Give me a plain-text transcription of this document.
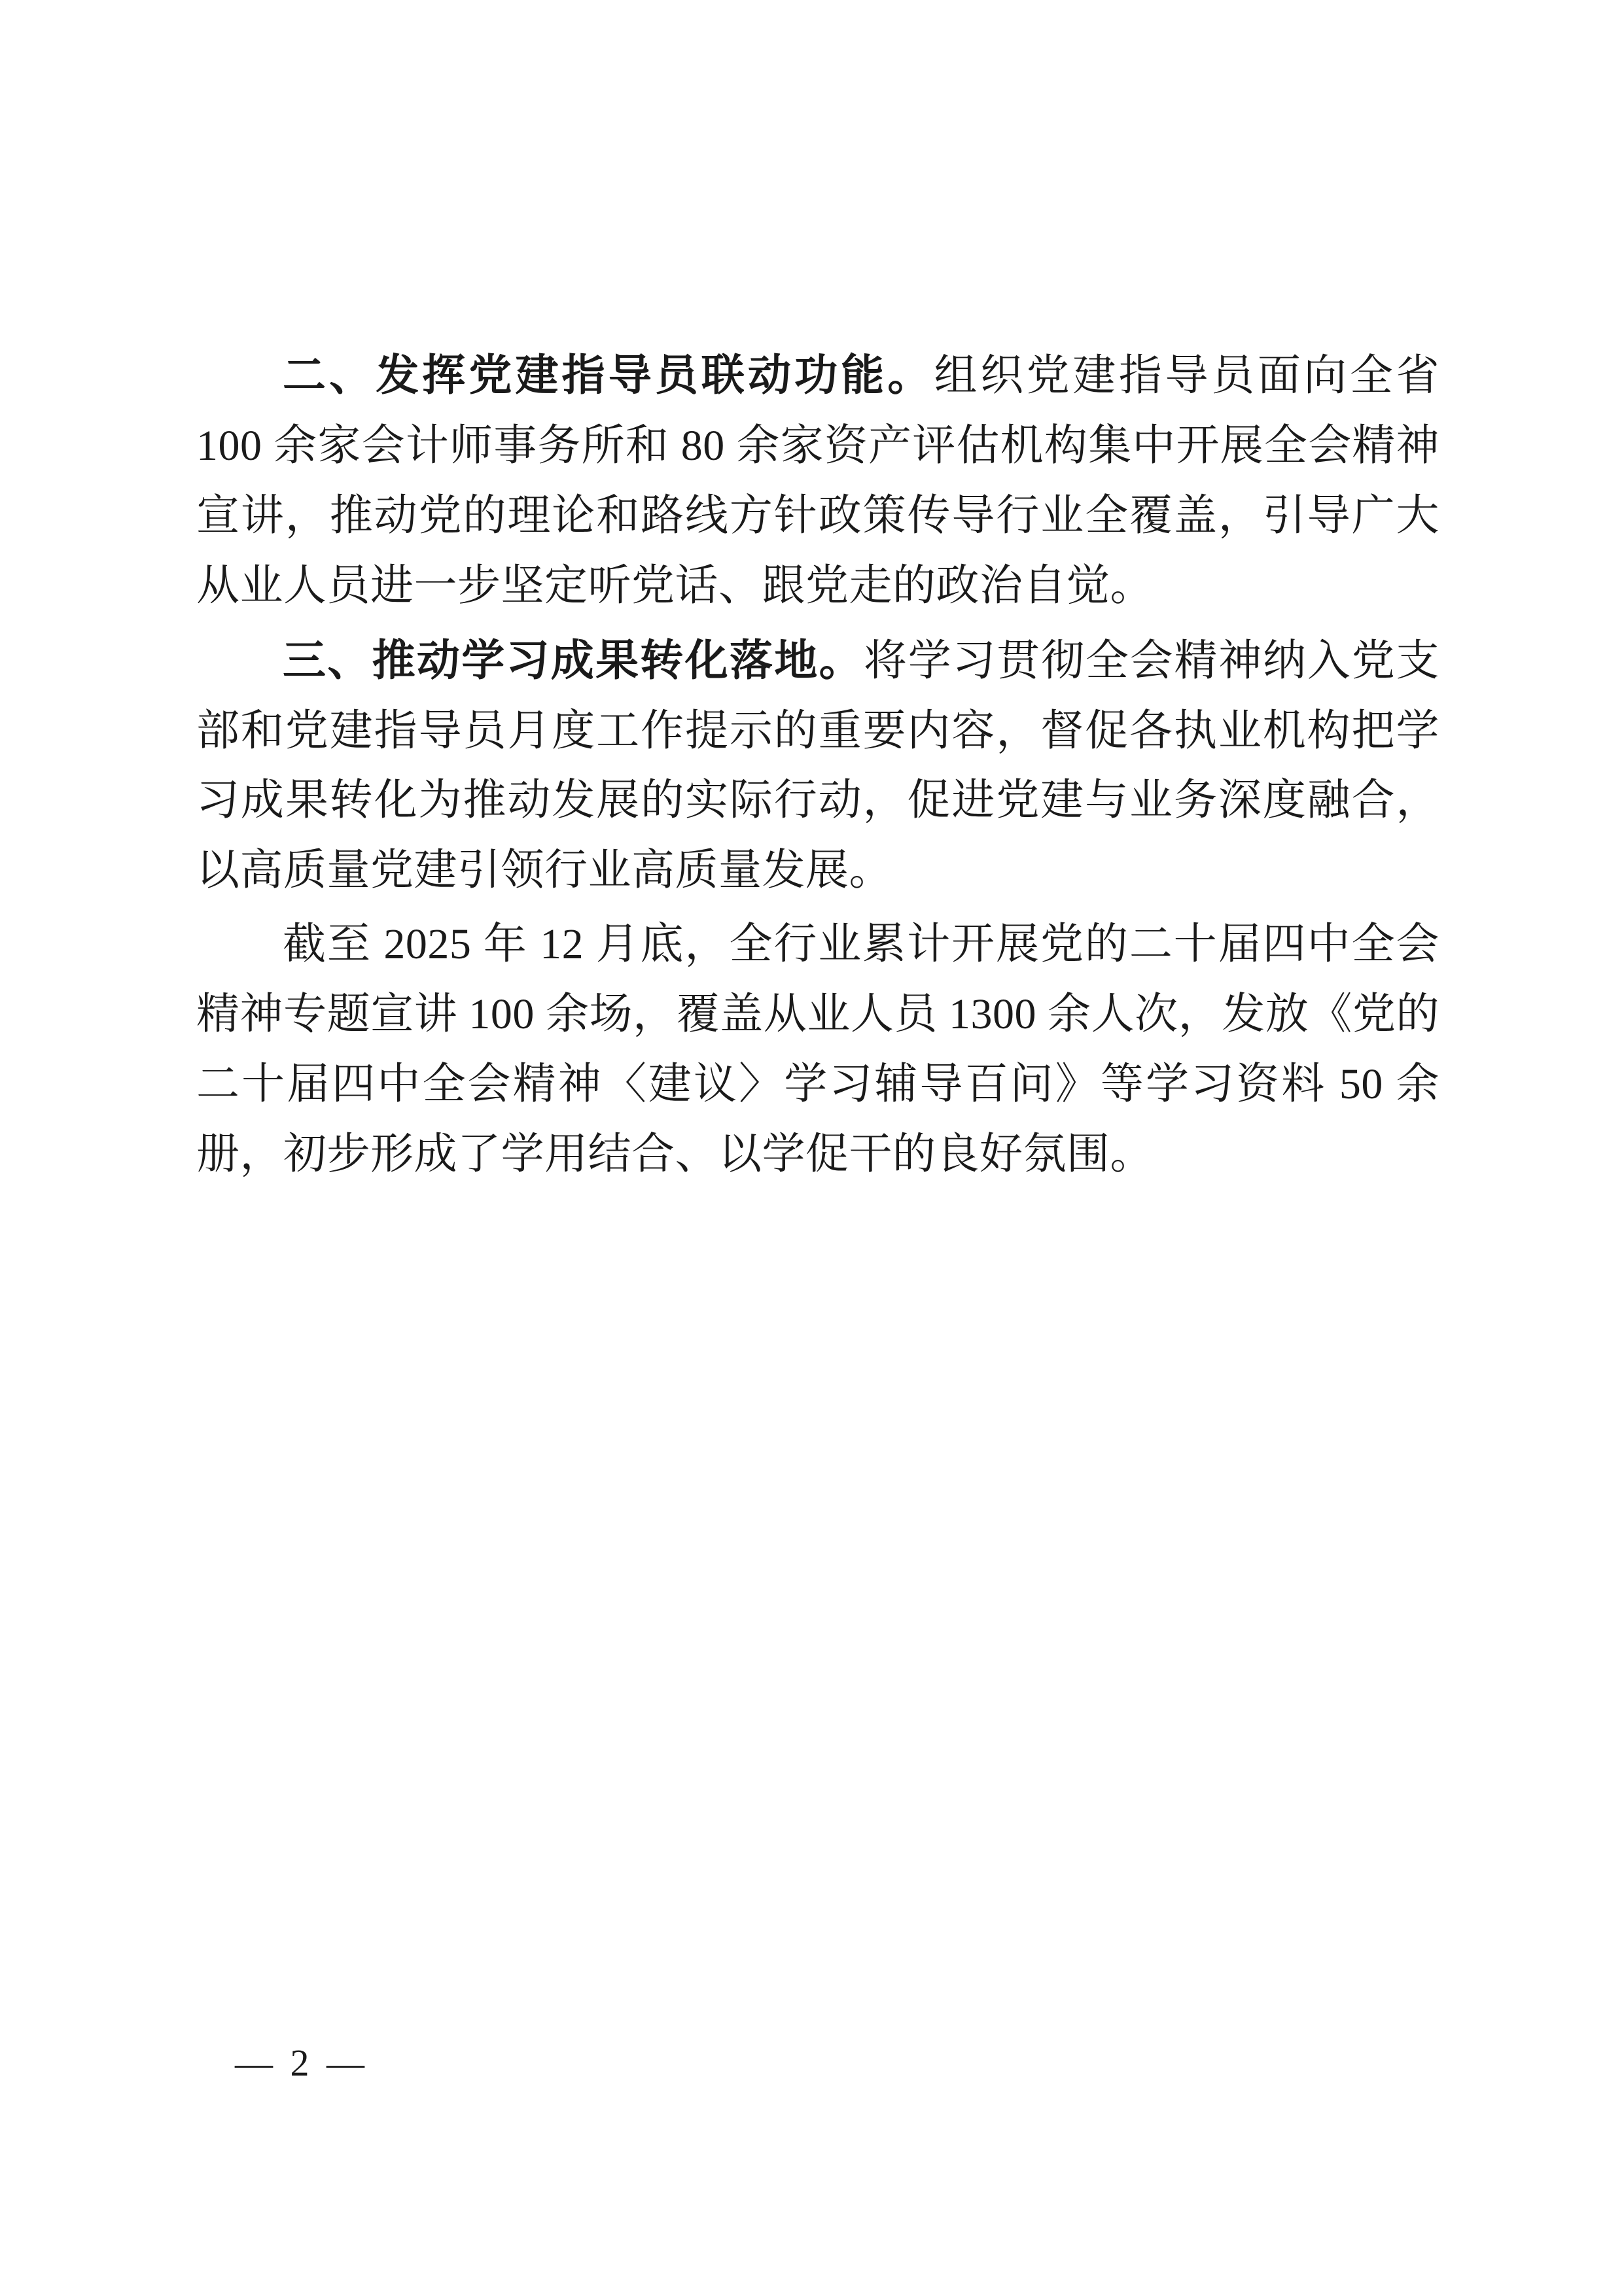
二、发挥党建指导员联动功能。组织党建指导员面向全省 100 余家会计师事务所和 80 余家资产评估机构集中开展全会精神宣讲，推动党的理论和路线方针政策传导行业全覆盖，引导广大从业人员进一步坚定听党话、跟党走的政治自觉。

三、推动学习成果转化落地。将学习贯彻全会精神纳入党支部和党建指导员月度工作提示的重要内容，督促各执业机构把学习成果转化为推动发展的实际行动，促进党建与业务深度融合，以高质量党建引领行业高质量发展。

截至 2025 年 12 月底，全行业累计开展党的二十届四中全会精神专题宣讲 100 余场，覆盖从业人员 1300 余人次，发放《党的二十届四中全会精神〈建议〉学习辅导百问》等学习资料 50 余册，初步形成了学用结合、以学促干的良好氛围。

— 2 —
